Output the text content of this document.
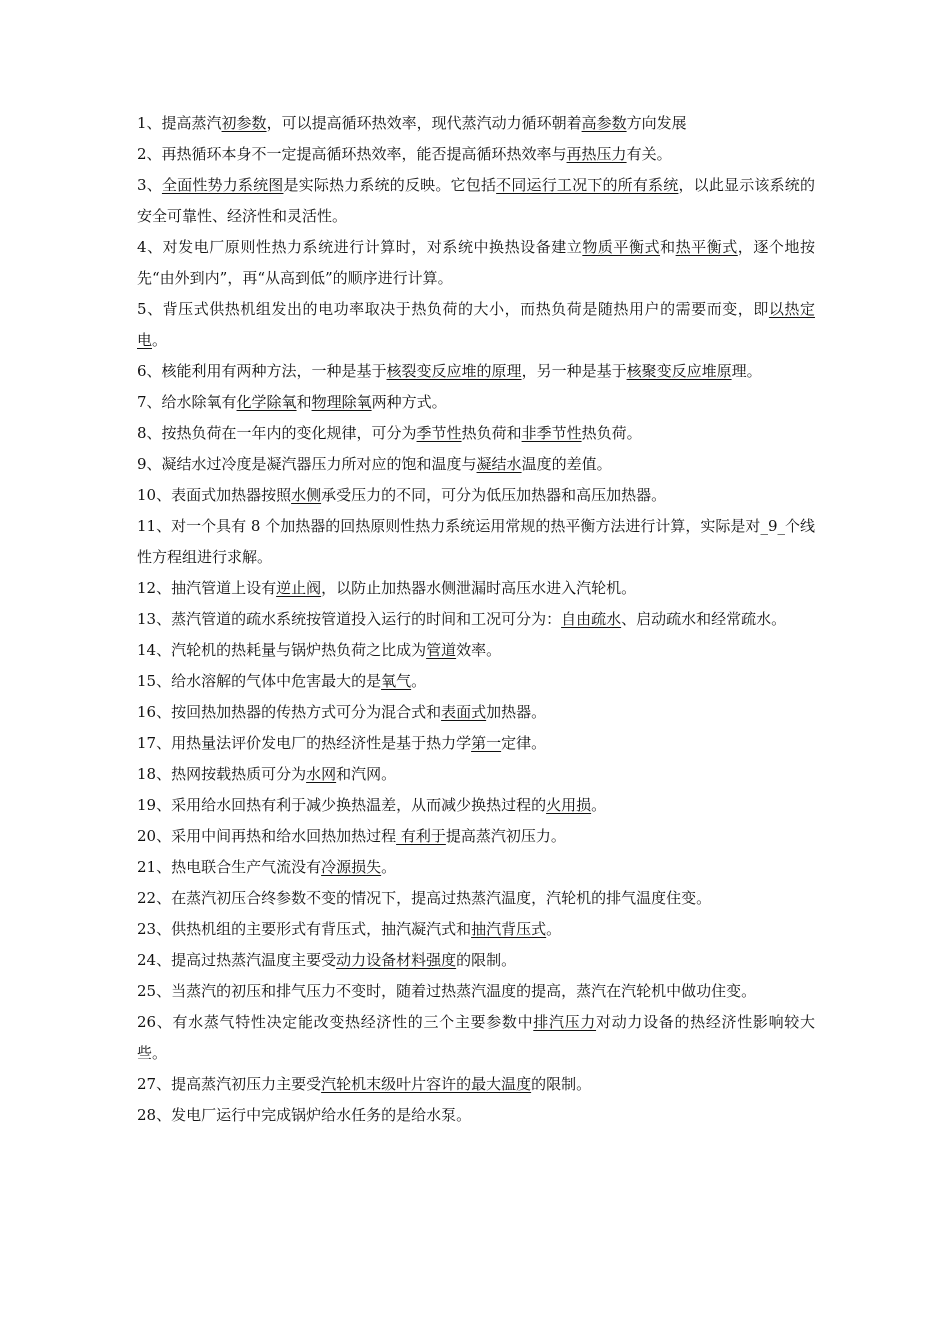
1、提高蒸汽初参数，可以提高循环热效率，现代蒸汽动力循环朝着高参数方向发展

2、再热循环本身不一定提高循环热效率，能否提高循环热效率与再热压力有关。

3、全面性势力系统图是实际热力系统的反映。它包括不同运行工况下的所有系统，以此显示该系统的安全可靠性、经济性和灵活性。

4、对发电厂原则性热力系统进行计算时，对系统中换热设备建立物质平衡式和热平衡式，逐个地按先“由外到内”，再“从高到低”的顺序进行计算。

5、背压式供热机组发出的电功率取决于热负荷的大小，而热负荷是随热用户的需要而变，即以热定电。

6、核能利用有两种方法，一种是基于核裂变反应堆的原理，另一种是基于核聚变反应堆原理。

7、给水除氧有化学除氧和物理除氧两种方式。

8、按热负荷在一年内的变化规律，可分为季节性热负荷和非季节性热负荷。

9、凝结水过冷度是凝汽器压力所对应的饱和温度与凝结水温度的差值。

10、表面式加热器按照水侧承受压力的不同，可分为低压加热器和高压加热器。

11、对一个具有 8 个加热器的回热原则性热力系统运用常规的热平衡方法进行计算，实际是对_9_个线性方程组进行求解。

12、抽汽管道上设有逆止阀，以防止加热器水侧泄漏时高压水进入汽轮机。

13、蒸汽管道的疏水系统按管道投入运行的时间和工况可分为：自由疏水、启动疏水和经常疏水。

14、汽轮机的热耗量与锅炉热负荷之比成为管道效率。

15、给水溶解的气体中危害最大的是氧气。

16、按回热加热器的传热方式可分为混合式和表面式加热器。

17、用热量法评价发电厂的热经济性是基于热力学第一定律。

18、热网按载热质可分为水网和汽网。

19、采用给水回热有利于减少换热温差，从而减少换热过程的火用损。

20、采用中间再热和给水回热加热过程 有利于提高蒸汽初压力。

21、热电联合生产气流没有冷源损失。

22、在蒸汽初压合终参数不变的情况下，提高过热蒸汽温度，汽轮机的排气温度住变。

23、供热机组的主要形式有背压式，抽汽凝汽式和抽汽背压式。

24、提高过热蒸汽温度主要受动力设备材料强度的限制。

25、当蒸汽的初压和排气压力不变时，随着过热蒸汽温度的提高，蒸汽在汽轮机中做功住变。

26、有水蒸气特性决定能改变热经济性的三个主要参数中排汽压力对动力设备的热经济性影响较大些。

27、提高蒸汽初压力主要受汽轮机末级叶片容许的最大温度的限制。

28、发电厂运行中完成锅炉给水任务的是给水泵。
